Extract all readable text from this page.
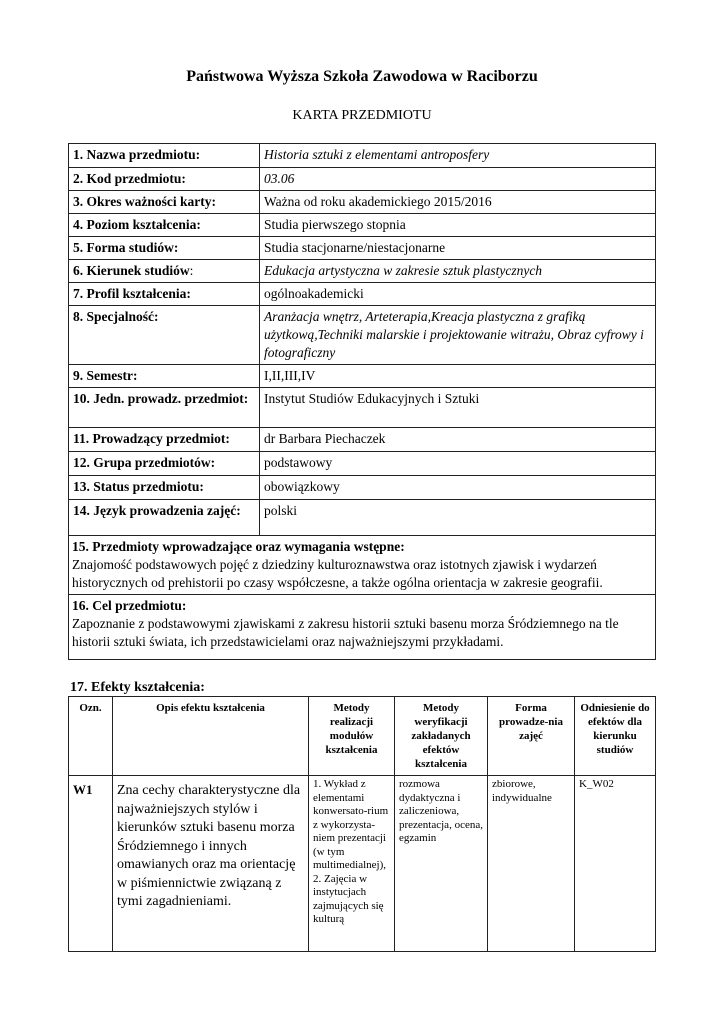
Państwowa Wyższa Szkoła Zawodowa w Raciborzu
KARTA PRZEDMIOTU
1. Nazwa przedmiotu:	Historia sztuki z elementami antroposfery
2. Kod przedmiotu:	03.06
3. Okres ważności karty:	Ważna od roku akademickiego 2015/2016
4. Poziom kształcenia:	Studia pierwszego stopnia
5. Forma studiów:	Studia stacjonarne/niestacjonarne
6. Kierunek studiów:	Edukacja artystyczna w zakresie sztuk plastycznych
7. Profil kształcenia:	ogólnoakademicki
8. Specjalność:	Aranżacja wnętrz, Arteterapia,Kreacja plastyczna z grafiką użytkową,Techniki malarskie i projektowanie witrażu, Obraz cyfrowy i fotograficzny
9. Semestr:	I,II,III,IV
10. Jedn. prowadz. przedmiot:	Instytut Studiów Edukacyjnych i Sztuki
11. Prowadzący przedmiot:	dr Barbara Piechaczek
12. Grupa przedmiotów:	podstawowy
13. Status przedmiotu:	obowiązkowy
14. Język prowadzenia zajęć:	polski
15. Przedmioty wprowadzające oraz wymagania wstępne:
Znajomość podstawowych pojęć z dziedziny kulturoznawstwa oraz istotnych zjawisk i wydarzeń historycznych od prehistorii po czasy współczesne, a także ogólna orientacja w zakresie geografii.	
16. Cel przedmiotu:
Zapoznanie z podstawowymi zjawiskami z zakresu historii sztuki basenu morza Śródziemnego na tle historii sztuki świata, ich przedstawicielami oraz najważniejszymi przykładami.	
17. Efekty kształcenia:
Ozn.	Opis efektu kształcenia	Metody realizacji modułów kształcenia	Metody weryfikacji zakładanych efektów kształcenia	Forma prowadze-nia zajęć	Odniesienie do efektów dla kierunku studiów
W1	Zna cechy charakterystyczne dla najważniejszych stylów i kierunków sztuki basenu morza Śródziemnego i innych omawianych oraz ma orientację w piśmiennictwie związaną z tymi zagadnieniami.	1. Wykład z elementami konwersato-rium z wykorzysta-niem prezentacji (w tym multimedialnej), 2. Zajęcia w instytucjach zajmujących się kulturą	rozmowa dydaktyczna i zaliczeniowa, prezentacja, ocena, egzamin	zbiorowe, indywidualne	K_W02
